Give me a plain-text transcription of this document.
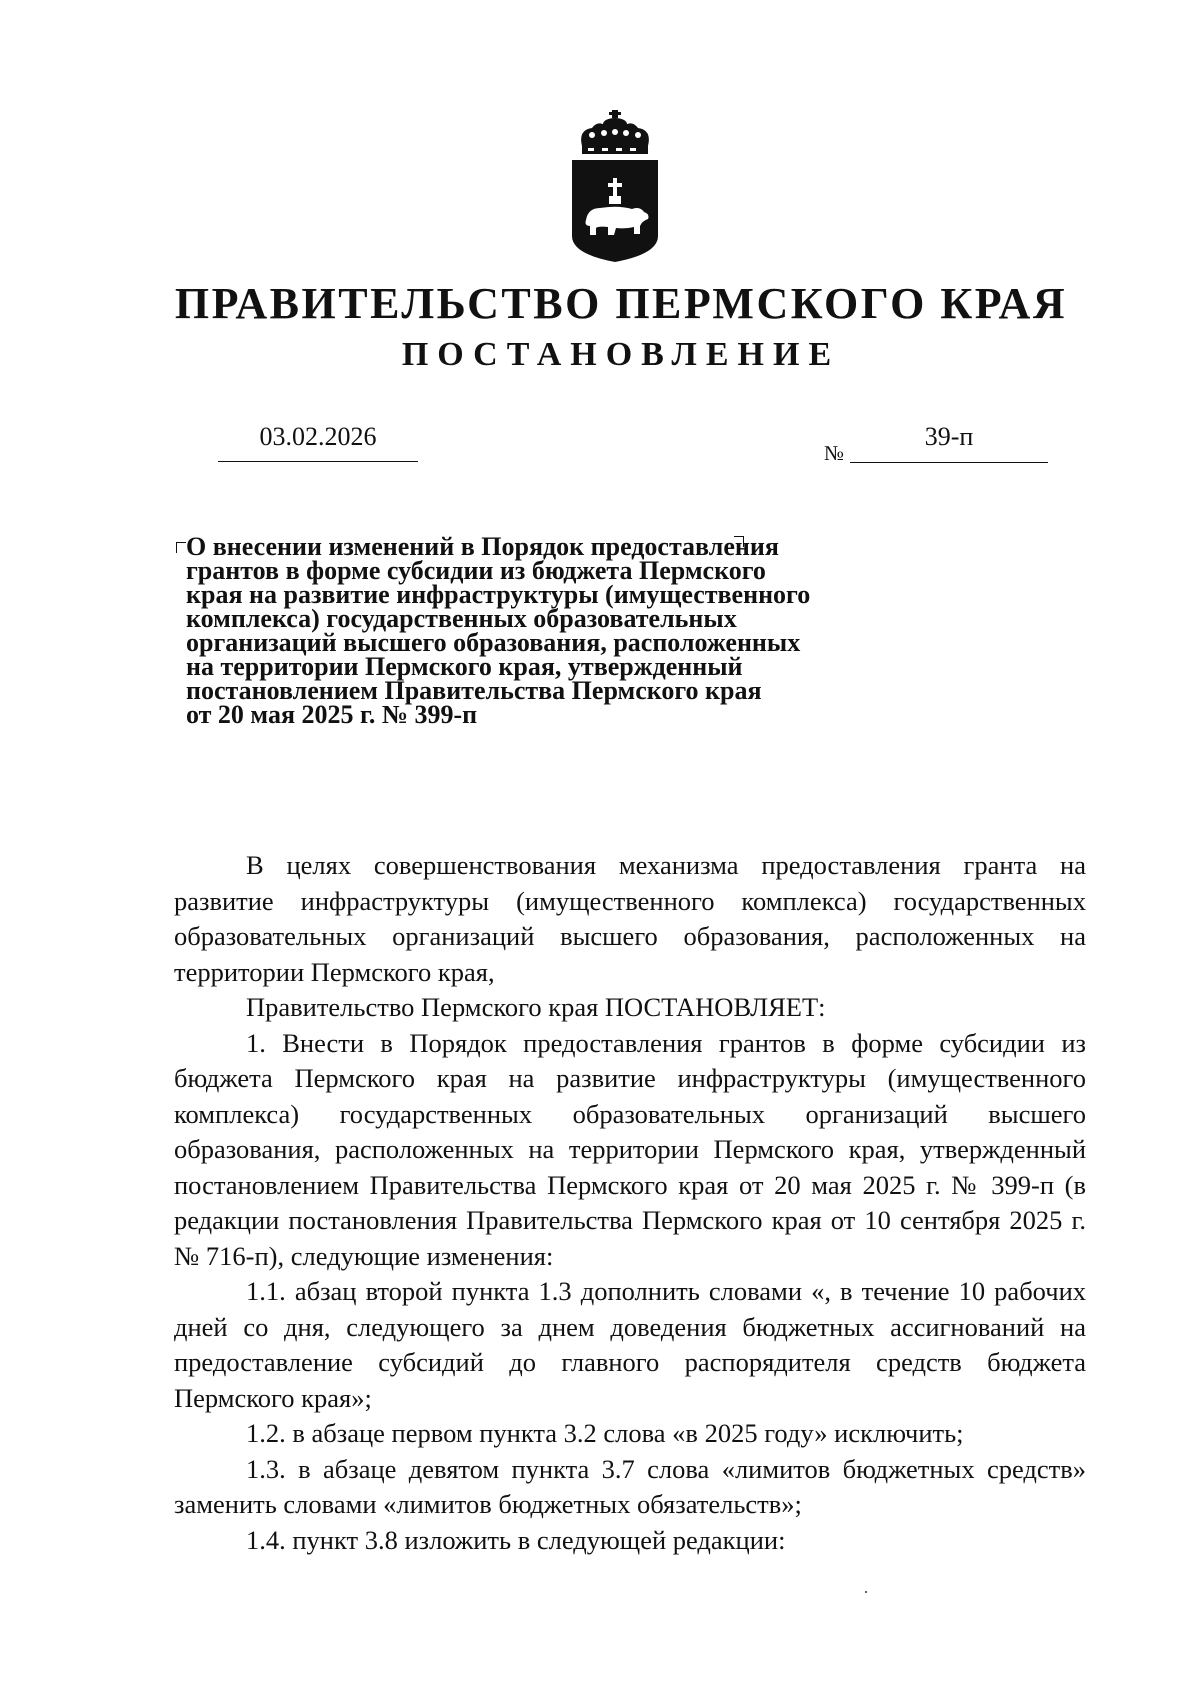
ПРАВИТЕЛЬСТВО ПЕРМСКОГО КРАЯ
ПОСТАНОВЛЕНИЕ
03.02.2026
№
39-п
О внесении изменений в Порядок предоставления
грантов в форме субсидии из бюджета Пермского
края на развитие инфраструктуры (имущественного
комплекса) государственных образовательных
организаций высшего образования, расположенных
на территории Пермского края, утвержденный
постановлением Правительства Пермского края
от 20 мая 2025 г. № 399-п

В целях совершенствования механизма предоставления гранта на развитие инфраструктуры (имущественного комплекса) государственных образовательных организаций высшего образования, расположенных на территории Пермского края,

Правительство Пермского края ПОСТАНОВЛЯЕТ:

1. Внести в Порядок предоставления грантов в форме субсидии из бюджета Пермского края на развитие инфраструктуры (имущественного комплекса) государственных образовательных организаций высшего образования, расположенных на территории Пермского края, утвержденный постановлением Правительства Пермского края от 20 мая 2025 г. № 399-п (в редакции постановления Правительства Пермского края от 10 сентября 2025 г. № 716-п), следующие изменения:

1.1. абзац второй пункта 1.3 дополнить словами «, в течение 10 рабочих дней со дня, следующего за днем доведения бюджетных ассигнований на предоставление субсидий до главного распорядителя средств бюджета Пермского края»;

1.2. в абзаце первом пункта 3.2 слова «в 2025 году» исключить;

1.3. в абзаце девятом пункта 3.7 слова «лимитов бюджетных средств» заменить словами «лимитов бюджетных обязательств»;

1.4. пункт 3.8 изложить в следующей редакции:
